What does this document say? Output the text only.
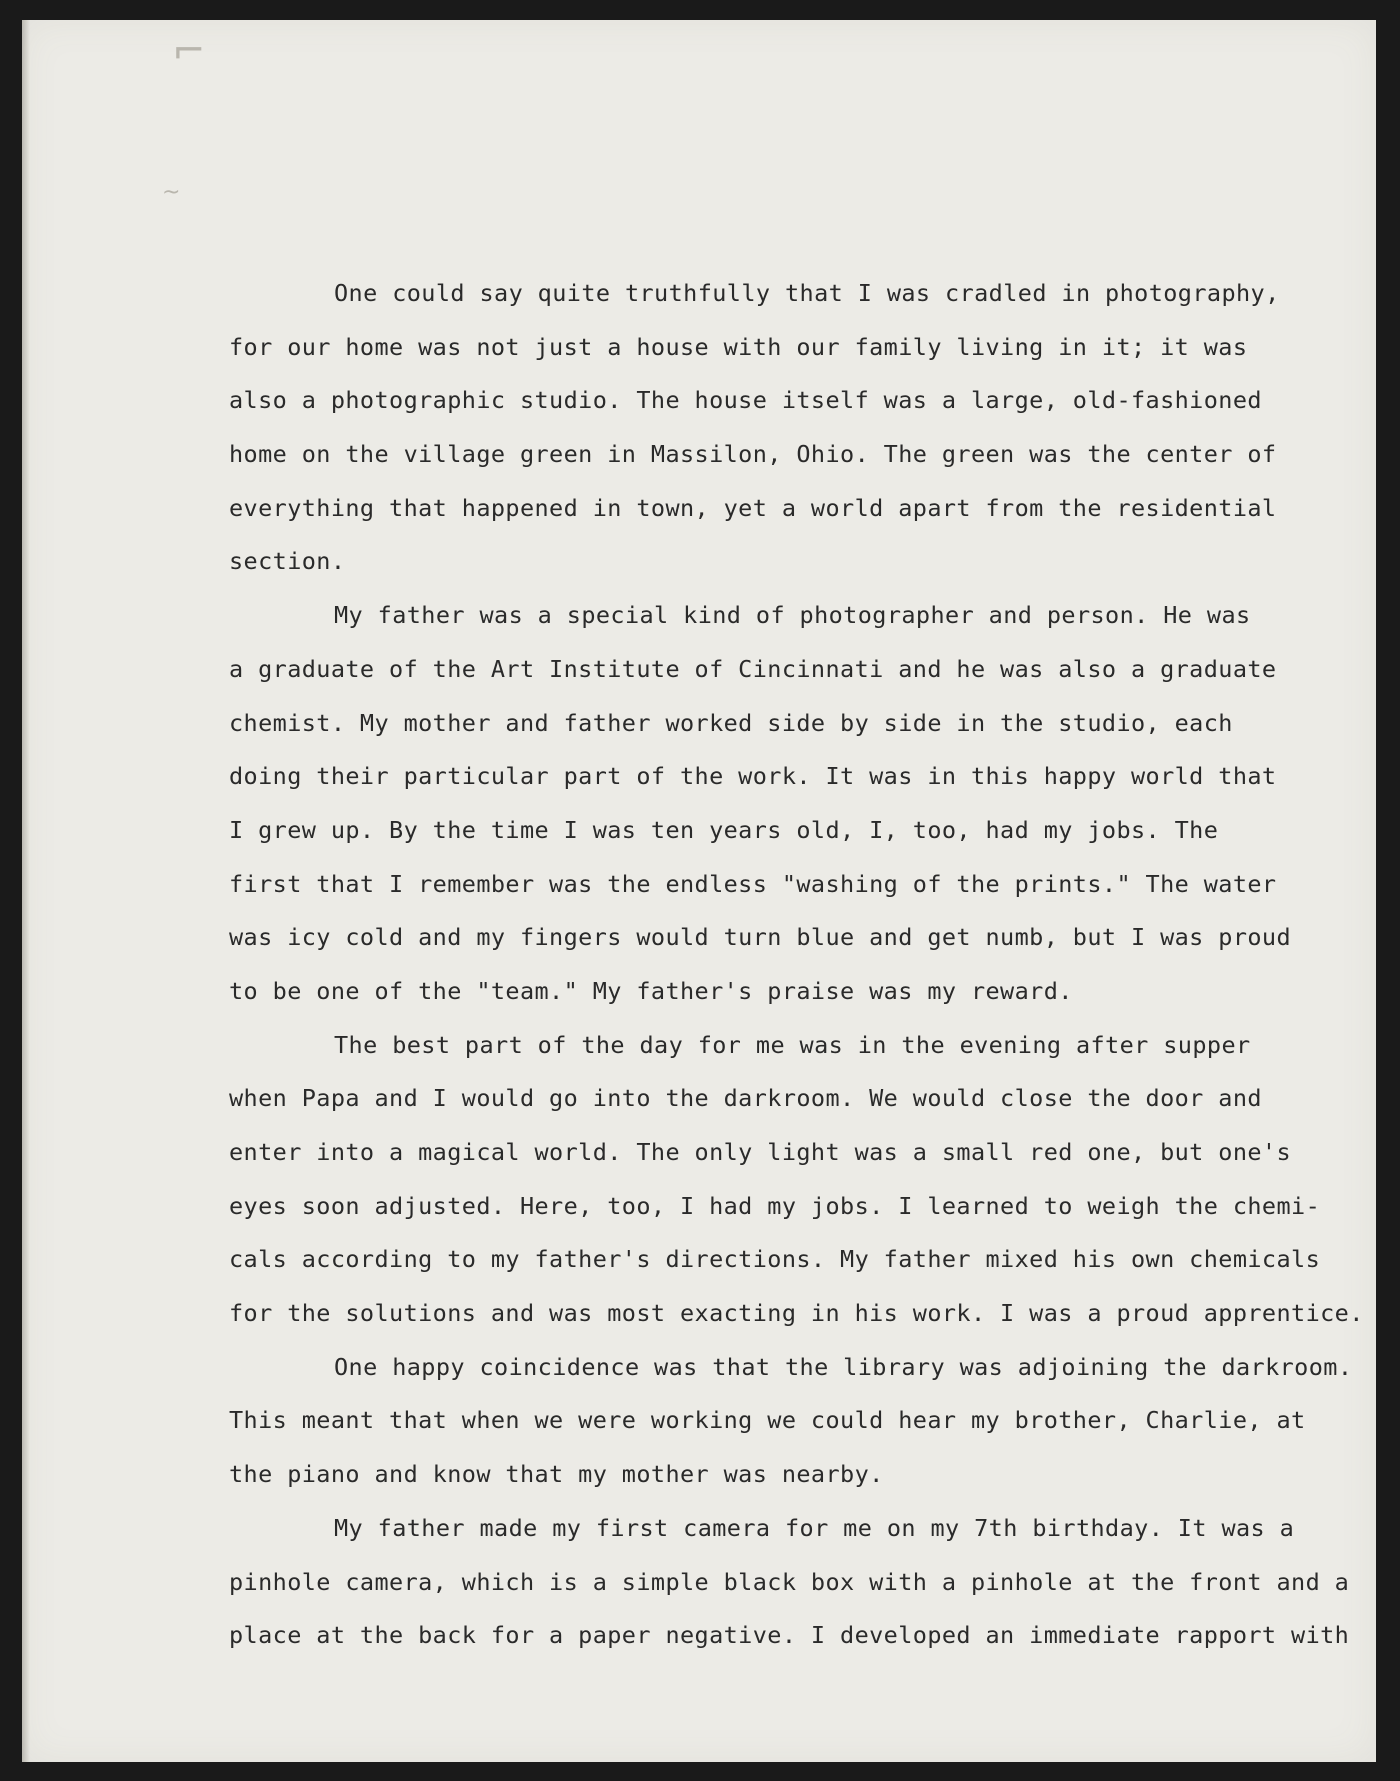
⌐
~
One could say quite truthfully that I was cradled in photography,
for our home was not just a house with our family living in it; it was
also a photographic studio. The house itself was a large, old-fashioned
home on the village green in Massilon, Ohio. The green was the center of
everything that happened in town, yet a world apart from the residential
section.
My father was a special kind of photographer and person. He was
a graduate of the Art Institute of Cincinnati and he was also a graduate
chemist. My mother and father worked side by side in the studio, each
doing their particular part of the work. It was in this happy world that
I grew up. By the time I was ten years old, I, too, had my jobs. The
first that I remember was the endless "washing of the prints." The water
was icy cold and my fingers would turn blue and get numb, but I was proud
to be one of the "team." My father's praise was my reward.
The best part of the day for me was in the evening after supper
when Papa and I would go into the darkroom. We would close the door and
enter into a magical world. The only light was a small red one, but one's
eyes soon adjusted. Here, too, I had my jobs. I learned to weigh the chemi-
cals according to my father's directions. My father mixed his own chemicals
for the solutions and was most exacting in his work. I was a proud apprentice.
One happy coincidence was that the library was adjoining the darkroom.
This meant that when we were working we could hear my brother, Charlie, at
the piano and know that my mother was nearby.
My father made my first camera for me on my 7th birthday. It was a
pinhole camera, which is a simple black box with a pinhole at the front and a
place at the back for a paper negative. I developed an immediate rapport with
